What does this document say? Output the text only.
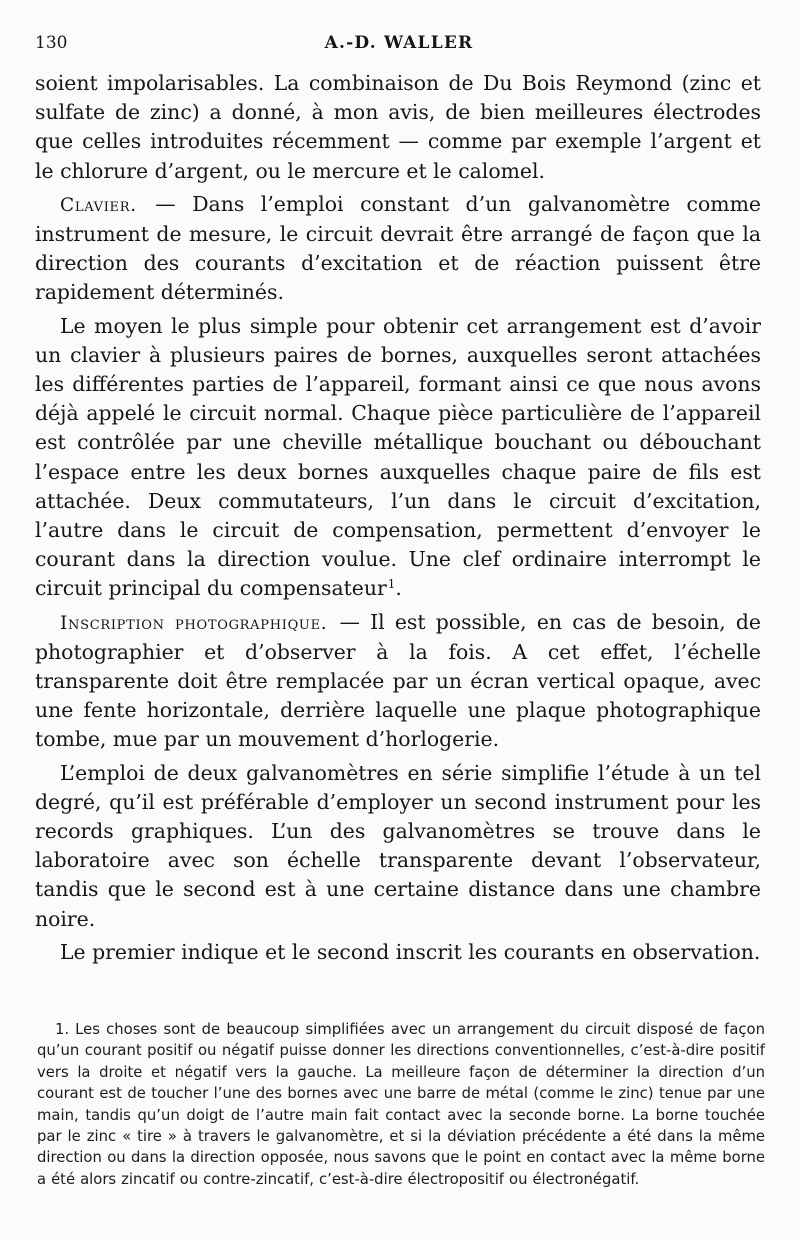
130	A.-D. WALLER

soient impolarisables. La combinaison de Du Bois Reymond (zinc et sulfate de zinc) a donné, à mon avis, de bien meilleures électrodes que celles introduites récemment — comme par exemple l’argent et le chlorure d’argent, ou le mercure et le calomel.

Clavier. — Dans l’emploi constant d’un galvanomètre comme instrument de mesure, le circuit devrait être arrangé de façon que la direction des courants d’excitation et de réaction puissent être rapidement déterminés.

Le moyen le plus simple pour obtenir cet arrangement est d’avoir un clavier à plusieurs paires de bornes, auxquelles seront attachées les différentes parties de l’appareil, formant ainsi ce que nous avons déjà appelé le circuit normal. Chaque pièce particulière de l’appareil est contrôlée par une cheville métallique bouchant ou débouchant l’espace entre les deux bornes auxquelles chaque paire de fils est attachée. Deux commutateurs, l’un dans le circuit d’excitation, l’autre dans le circuit de compensation, permettent d’envoyer le courant dans la direction voulue. Une clef ordinaire interrompt le circuit principal du compensateur$^1$.

Inscription photographique. — Il est possible, en cas de besoin, de photographier et d’observer à la fois. A cet effet, l’échelle transparente doit être remplacée par un écran vertical opaque, avec une fente horizontale, derrière laquelle une plaque photographique tombe, mue par un mouvement d’horlogerie.

L’emploi de deux galvanomètres en série simplifie l’étude à un tel degré, qu’il est préférable d’employer un second instrument pour les records graphiques. L’un des galvanomètres se trouve dans le laboratoire avec son échelle transparente devant l’observateur, tandis que le second est à une certaine distance dans une chambre noire.

Le premier indique et le second inscrit les courants en observation.

1. Les choses sont de beaucoup simplifiées avec un arrangement du circuit disposé de façon qu’un courant positif ou négatif puisse donner les directions conventionnelles, c’est-à-dire positif vers la droite et négatif vers la gauche. La meilleure façon de déterminer la direction d’un courant est de toucher l’une des bornes avec une barre de métal (comme le zinc) tenue par une main, tandis qu’un doigt de l’autre main fait contact avec la seconde borne. La borne touchée par le zinc « tire » à travers le galvanomètre, et si la déviation précédente a été dans la même direction ou dans la direction opposée, nous savons que le point en contact avec la même borne a été alors zincatif ou contre-zincatif, c’est-à-dire électropositif ou électronégatif.
